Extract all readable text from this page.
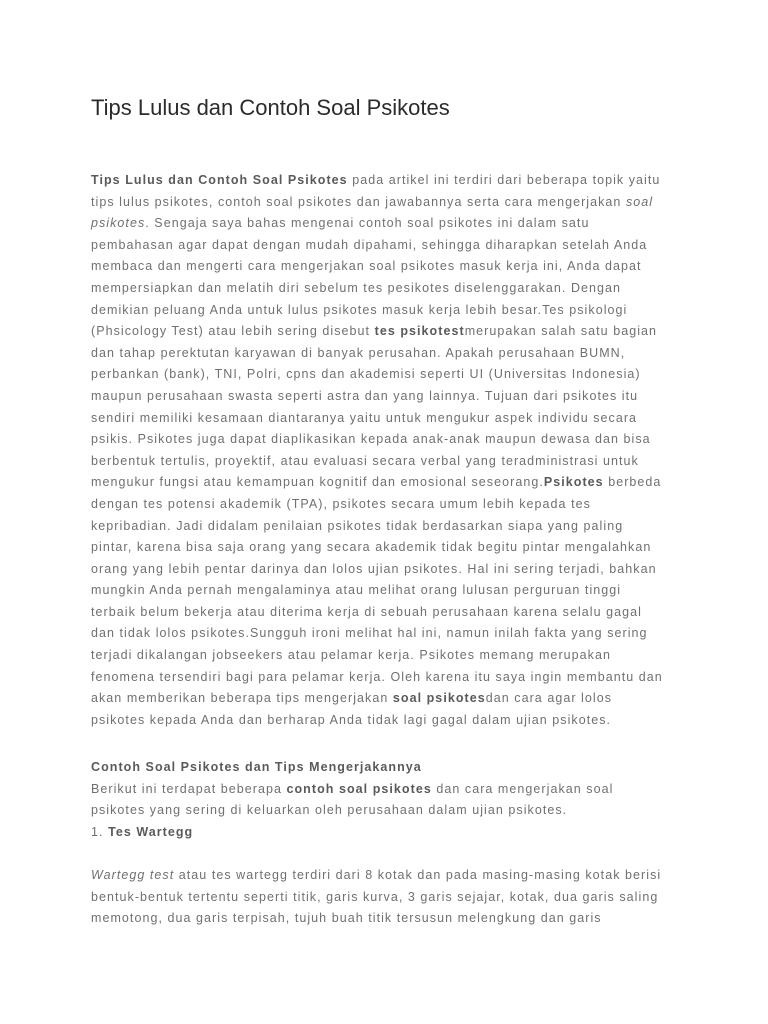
Tips Lulus dan Contoh Soal Psikotes
Tips Lulus dan Contoh Soal Psikotes pada artikel ini terdiri dari beberapa topik yaitu
tips lulus psikotes, contoh soal psikotes dan jawabannya serta cara mengerjakan soal
psikotes. Sengaja saya bahas mengenai contoh soal psikotes ini dalam satu
pembahasan agar dapat dengan mudah dipahami, sehingga diharapkan setelah Anda
membaca dan mengerti cara mengerjakan soal psikotes masuk kerja ini, Anda dapat
mempersiapkan dan melatih diri sebelum tes pesikotes diselenggarakan. Dengan
demikian peluang Anda untuk lulus psikotes masuk kerja lebih besar.Tes psikologi
(Phsicology Test) atau lebih sering disebut tes psikotestmerupakan salah satu bagian
dan tahap perektutan karyawan di banyak perusahan. Apakah perusahaan BUMN,
perbankan (bank), TNI, Polri, cpns dan akademisi seperti UI (Universitas Indonesia)
maupun perusahaan swasta seperti astra dan yang lainnya. Tujuan dari psikotes itu
sendiri memiliki kesamaan diantaranya yaitu untuk mengukur aspek individu secara
psikis. Psikotes juga dapat diaplikasikan kepada anak-anak maupun dewasa dan bisa
berbentuk tertulis, proyektif, atau evaluasi secara verbal yang teradministrasi untuk
mengukur fungsi atau kemampuan kognitif dan emosional seseorang.Psikotes berbeda
dengan tes potensi akademik (TPA), psikotes secara umum lebih kepada tes
kepribadian. Jadi didalam penilaian psikotes tidak berdasarkan siapa yang paling
pintar, karena bisa saja orang yang secara akademik tidak begitu pintar mengalahkan
orang yang lebih pentar darinya dan lolos ujian psikotes. Hal ini sering terjadi, bahkan
mungkin Anda pernah mengalaminya atau melihat orang lulusan perguruan tinggi
terbaik belum bekerja atau diterima kerja di sebuah perusahaan karena selalu gagal
dan tidak lolos psikotes.Sungguh ironi melihat hal ini, namun inilah fakta yang sering
terjadi dikalangan jobseekers atau pelamar kerja. Psikotes memang merupakan
fenomena tersendiri bagi para pelamar kerja. Oleh karena itu saya ingin membantu dan
akan memberikan beberapa tips mengerjakan soal psikotesdan cara agar lolos
psikotes kepada Anda dan berharap Anda tidak lagi gagal dalam ujian psikotes.
Contoh Soal Psikotes dan Tips Mengerjakannya
Berikut ini terdapat beberapa contoh soal psikotes dan cara mengerjakan soal
psikotes yang sering di keluarkan oleh perusahaan dalam ujian psikotes.
1. Tes Wartegg
Wartegg test atau tes wartegg terdiri dari 8 kotak dan pada masing-masing kotak berisi
bentuk-bentuk tertentu seperti titik, garis kurva, 3 garis sejajar, kotak, dua garis saling
memotong, dua garis terpisah, tujuh buah titik tersusun melengkung dan garis
